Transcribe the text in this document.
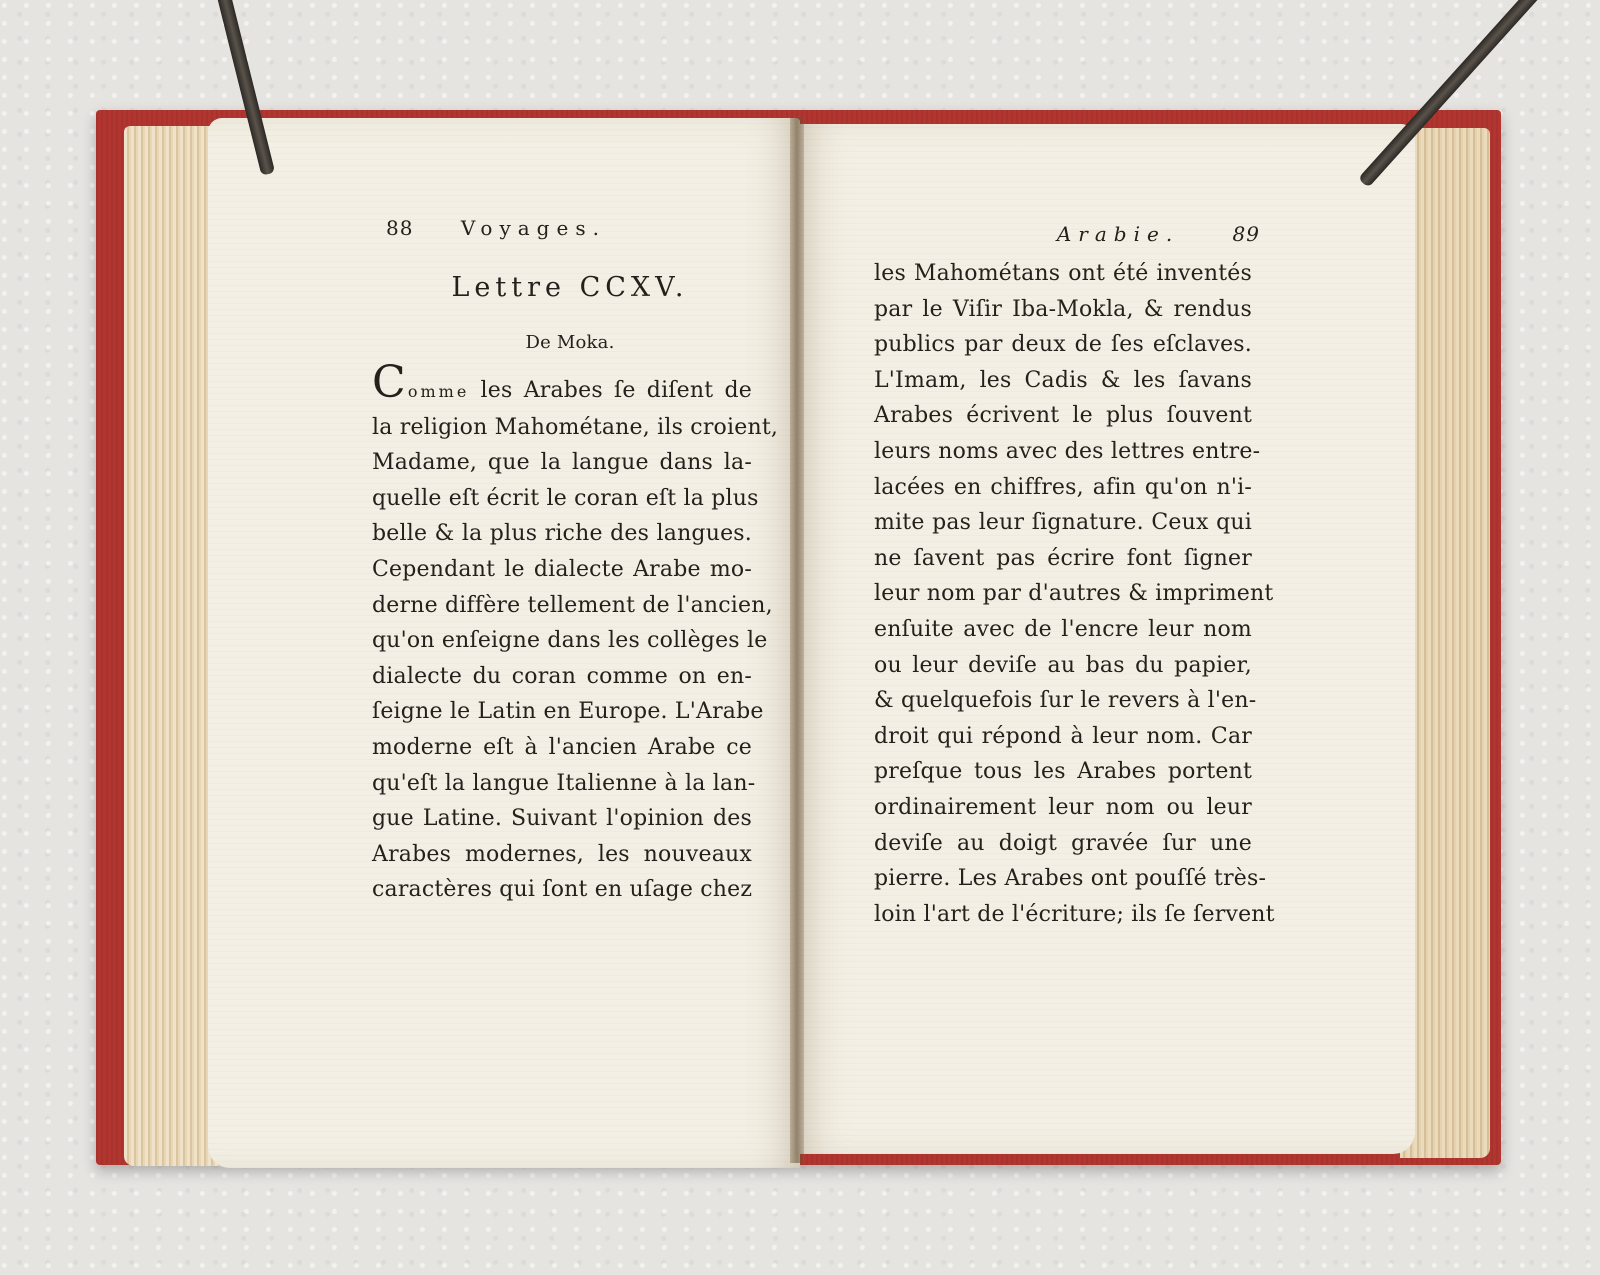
88 Voyages.	Arabie.	89
Lettre CCXV.
De Moka.
Comme les Arabes ſe diſent de
la religion Mahométane, ils croient,
Madame, que la langue dans la-
quelle eſt écrit le coran eſt la plus
belle & la plus riche des langues.
Cependant le dialecte Arabe mo-
derne diffère tellement de l'ancien,
qu'on enſeigne dans les collèges le
dialecte du coran comme on en-
ſeigne le Latin en Europe. L'Arabe
moderne eſt à l'ancien Arabe ce
qu'eſt la langue Italienne à la lan-
gue Latine. Suivant l'opinion des
Arabes modernes, les nouveaux
caractères qui ſont en uſage chez
les Mahométans ont été inventés
par le Viſir Iba-Mokla, & rendus
publics par deux de ſes eſclaves.
L'Imam, les Cadis & les ſavans
Arabes écrivent le plus ſouvent
leurs noms avec des lettres entre-
lacées en chiffres, afin qu'on n'i-
mite pas leur ſignature. Ceux qui
ne ſavent pas écrire font ſigner
leur nom par d'autres & impriment
enſuite avec de l'encre leur nom
ou leur deviſe au bas du papier,
& quelquefois ſur le revers à l'en-
droit qui répond à leur nom. Car
preſque tous les Arabes portent
ordinairement leur nom ou leur
deviſe au doigt gravée ſur une
pierre. Les Arabes ont pouſſé très-
loin l'art de l'écriture; ils ſe ſervent
